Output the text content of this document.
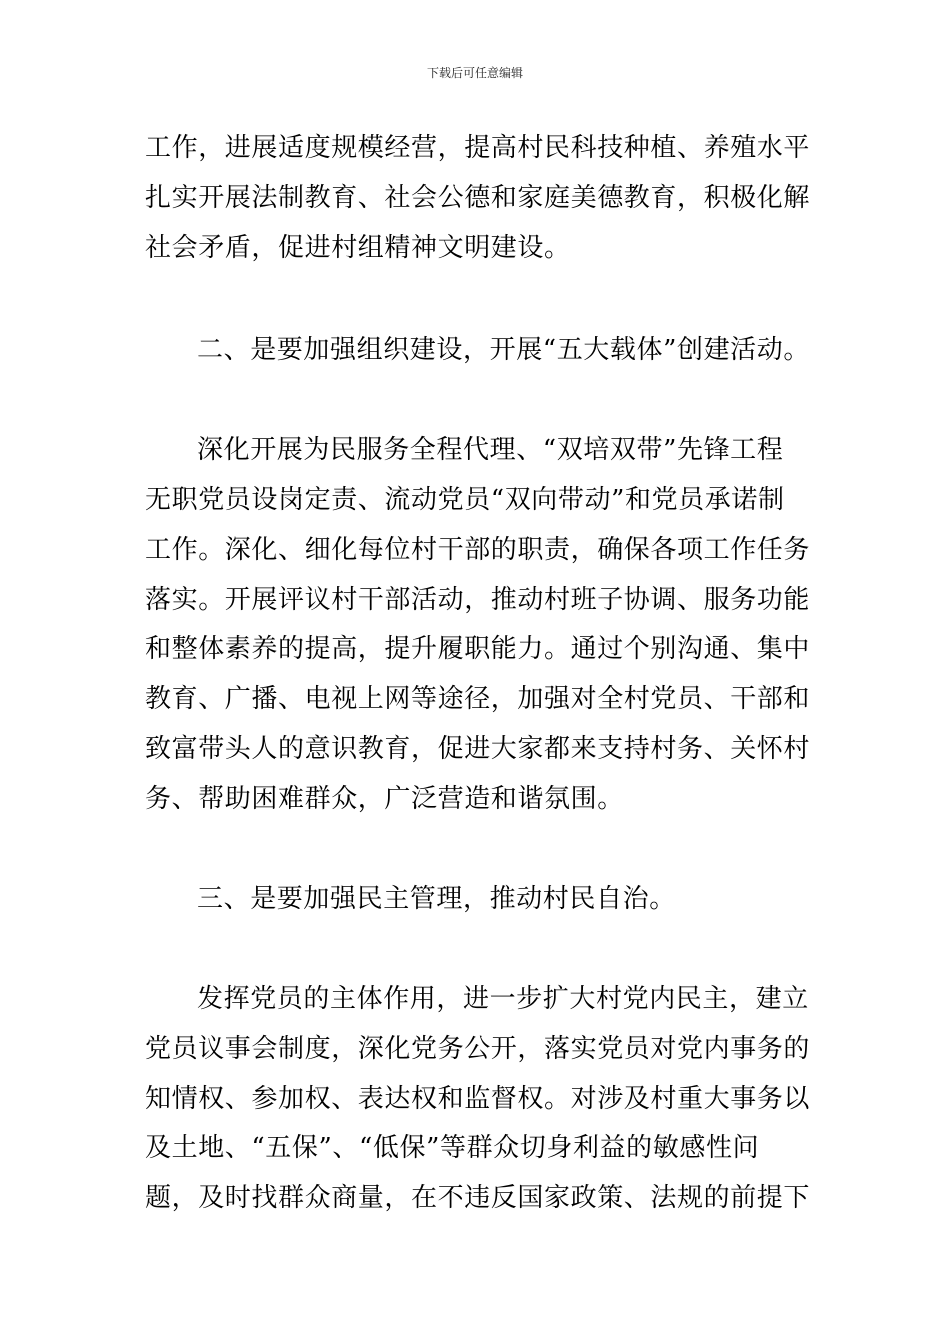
下载后可任意编辑
工作，进展适度规模经营，提高村民科技种植、养殖水平
扎实开展法制教育、社会公德和家庭美德教育，积极化解
社会矛盾，促进村组精神文明建设。
二、是要加强组织建设，开展“五大载体”创建活动。
深化开展为民服务全程代理、“双培双带”先锋工程
无职党员设岗定责、流动党员“双向带动”和党员承诺制
工作。深化、细化每位村干部的职责，确保各项工作任务
落实。开展评议村干部活动，推动村班子协调、服务功能
和整体素养的提高，提升履职能力。通过个别沟通、集中
教育、广播、电视上网等途径，加强对全村党员、干部和
致富带头人的意识教育，促进大家都来支持村务、关怀村
务、帮助困难群众，广泛营造和谐氛围。
三、是要加强民主管理，推动村民自治。
发挥党员的主体作用，进一步扩大村党内民主，建立
党员议事会制度，深化党务公开，落实党员对党内事务的
知情权、参加权、表达权和监督权。对涉及村重大事务以
及土地、“五保”、“低保”等群众切身利益的敏感性问
题，及时找群众商量，在不违反国家政策、法规的前提下
